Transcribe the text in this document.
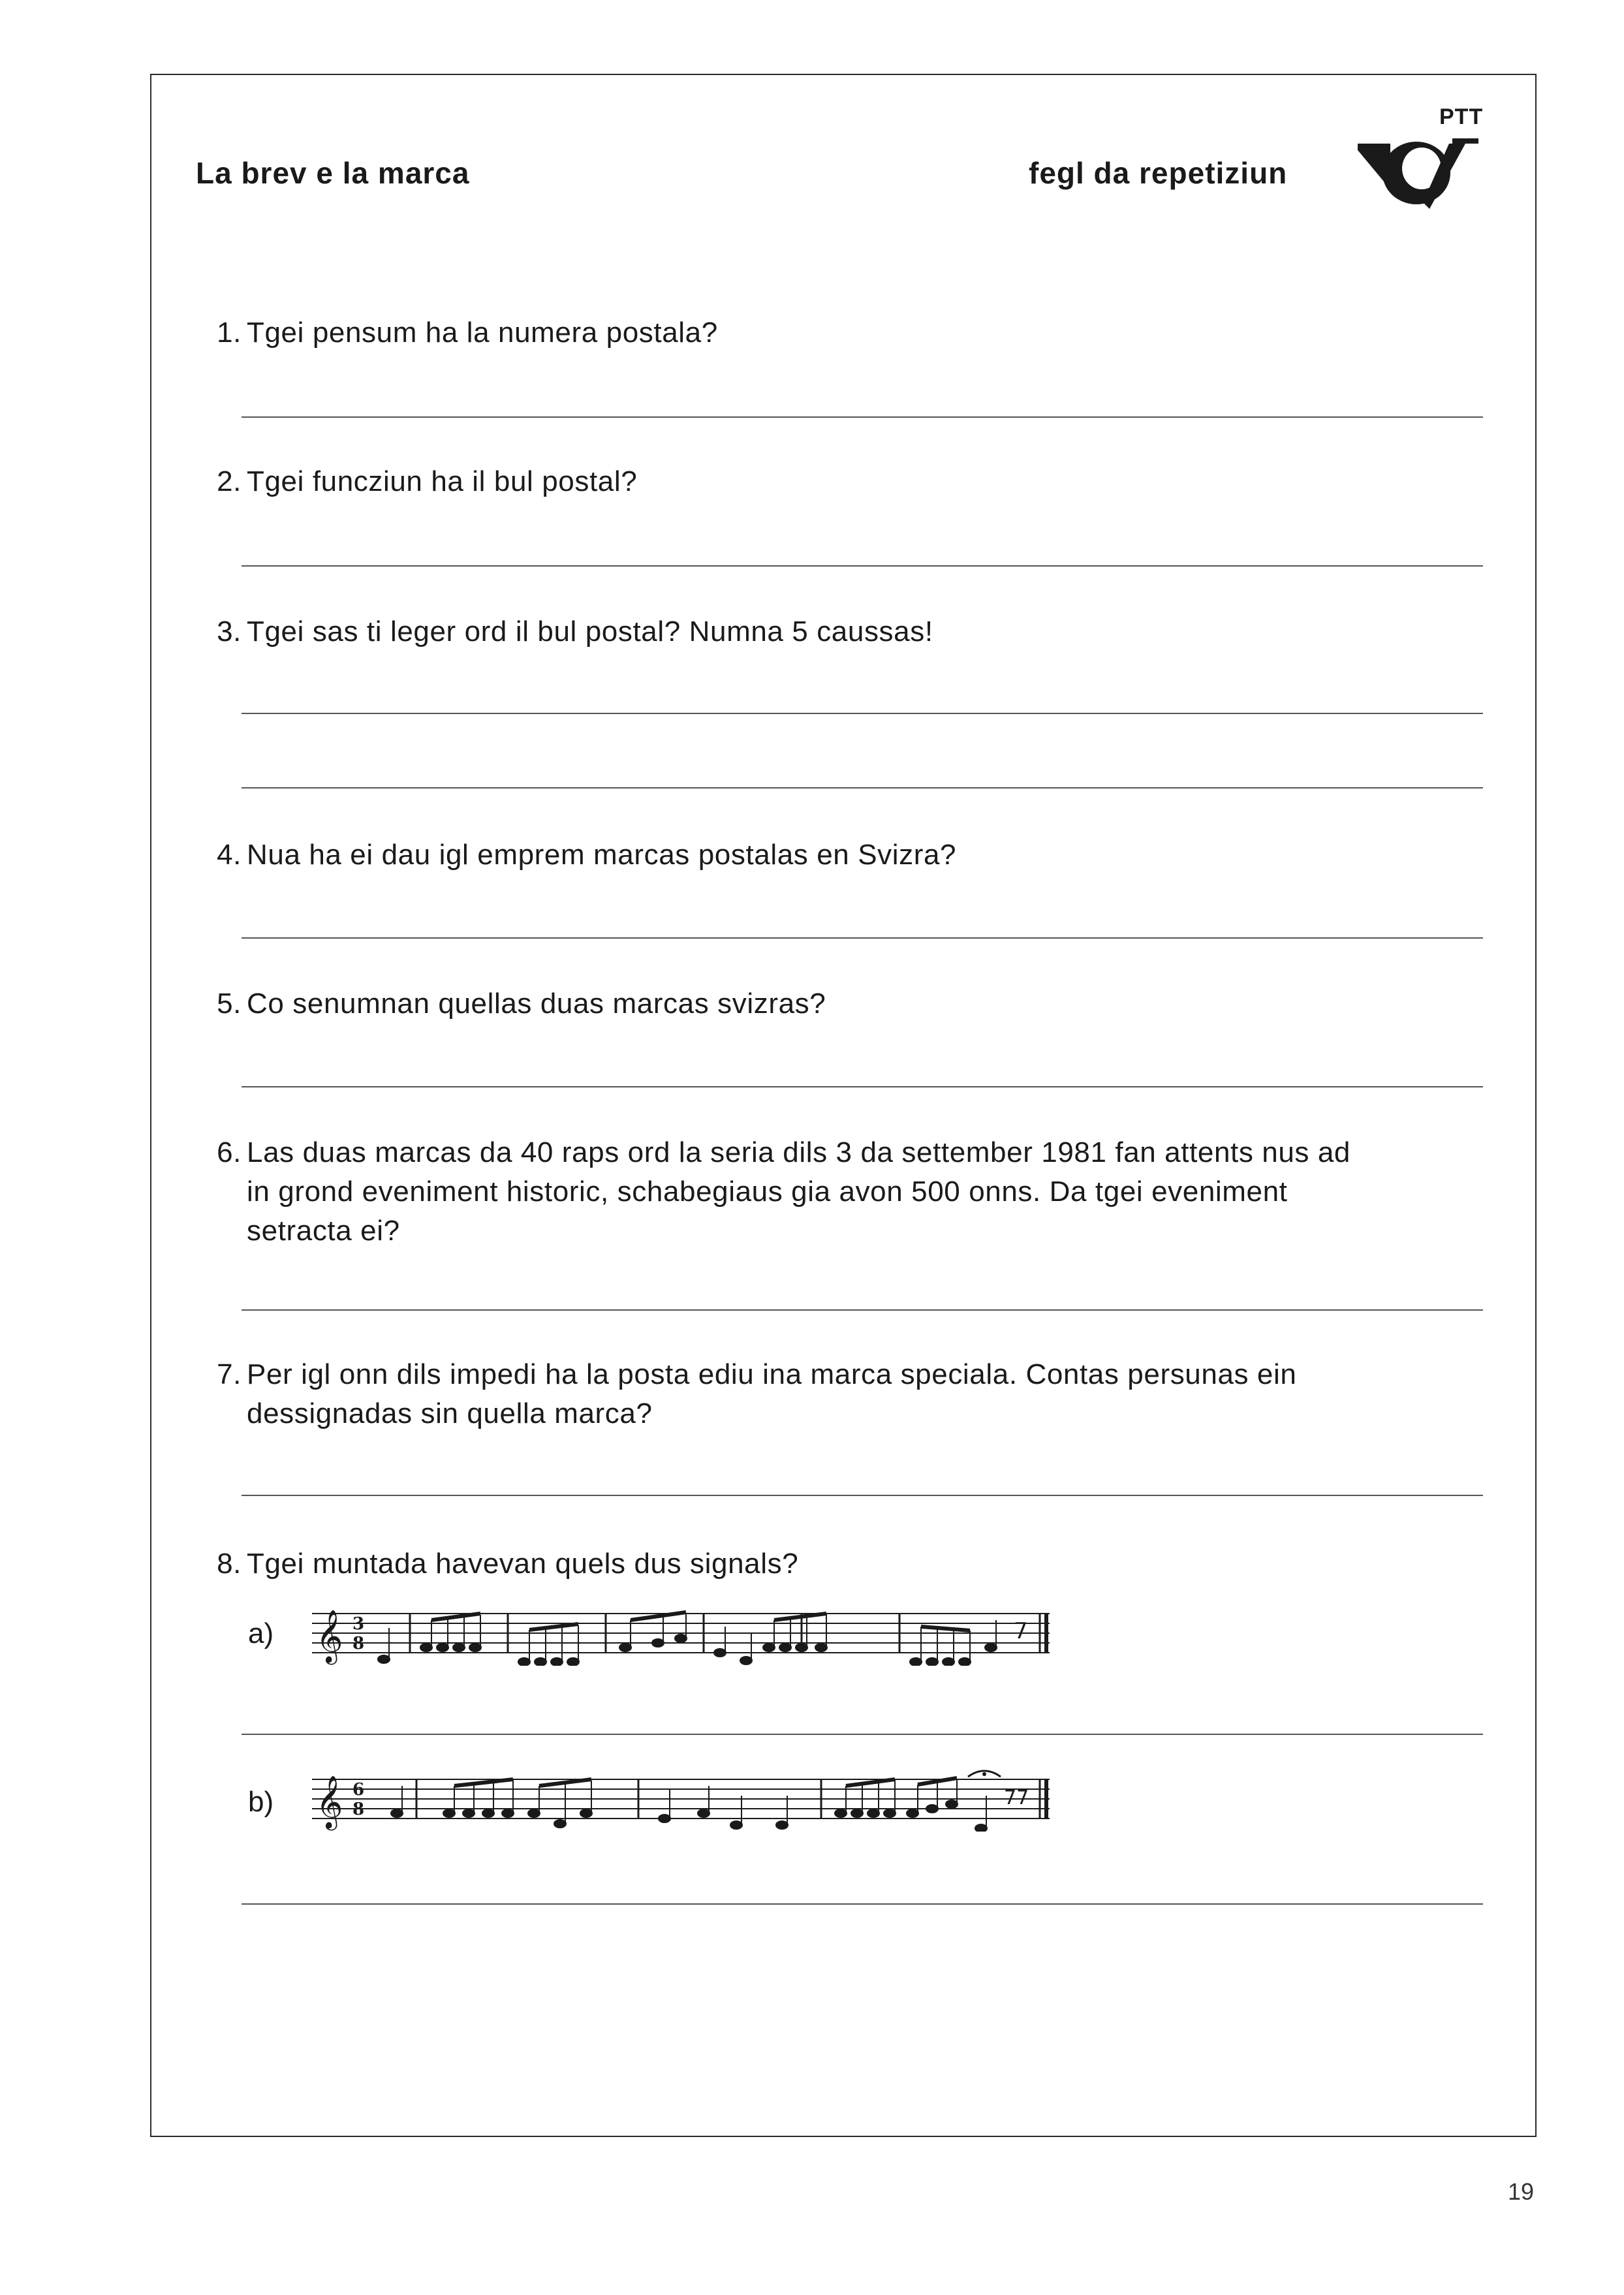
La brev e la marca	fegl da repetiziun
PTT
1. Tgei pensum ha la numera postala?
2. Tgei funcziun ha il bul postal?
3. Tgei sas ti leger ord il bul postal? Numna 5 caussas!
4. Nua ha ei dau igl emprem marcas postalas en Svizra?
5. Co senumnan quellas duas marcas svizras?
6. Las duas marcas da 40 raps ord la seria dils 3 da settember 1981 fan attents nus ad
in grond eveniment historic, schabegiaus gia avon 500 onns. Da tgei eveniment
setracta ei?
7. Per igl onn dils impedi ha la posta ediu ina marca speciala. Contas persunas ein
dessignadas sin quella marca?
8. Tgei muntada havevan quels dus signals?
a) 𝄞 3
8	7
b) 𝄞 6
8	77
19
